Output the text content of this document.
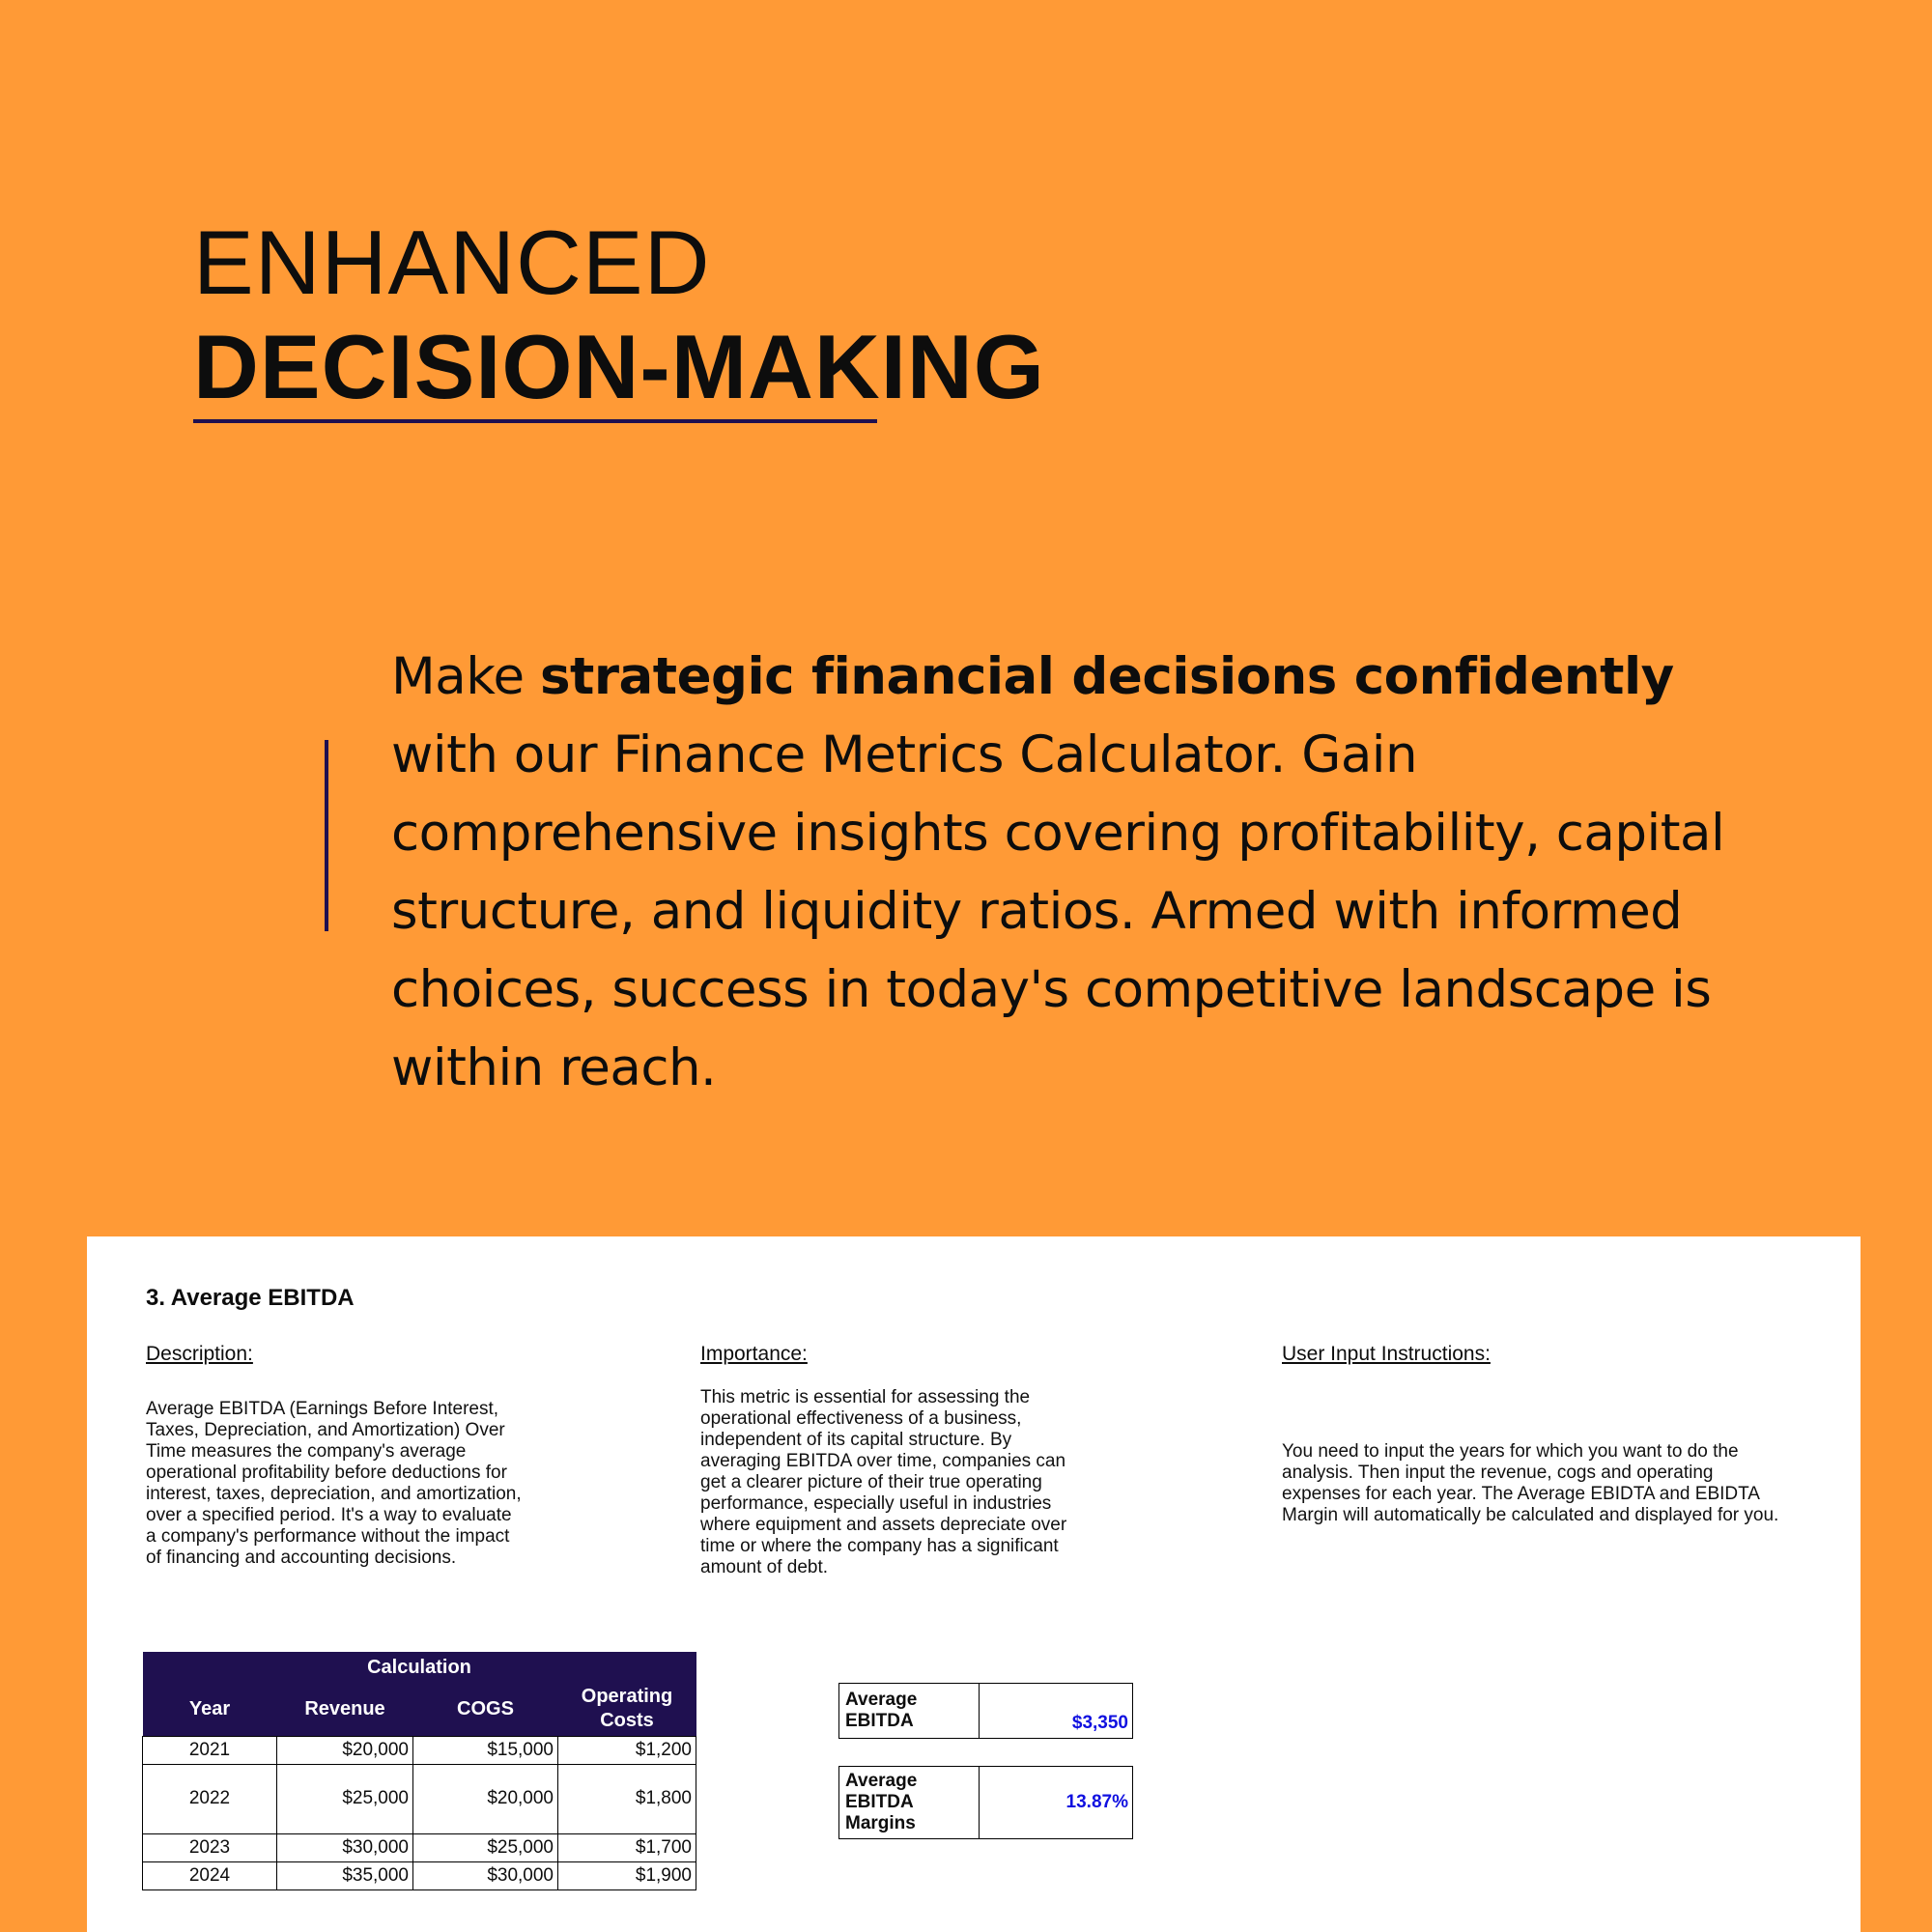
ENHANCED
DECISION-MAKING
Make strategic financial decisions confidently with our Finance Metrics Calculator. Gain comprehensive insights covering profitability, capital structure, and liquidity ratios. Armed with informed choices, success in today's competitive landscape is within reach.
3. Average EBITDA
Description:
Average EBITDA (Earnings Before Interest,
Taxes, Depreciation, and Amortization) Over
Time measures the company's average
operational profitability before deductions for
interest, taxes, depreciation, and amortization,
over a specified period. It's a way to evaluate
a company's performance without the impact
of financing and accounting decisions.
Importance:
This metric is essential for assessing the
operational effectiveness of a business,
independent of its capital structure. By
averaging EBITDA over time, companies can
get a clearer picture of their true operating
performance, especially useful in industries
where equipment and assets depreciate over
time or where the company has a significant
amount of debt.
User Input Instructions:
You need to input the years for which you want to do the
analysis. Then input the revenue, cogs and operating
expenses for each year. The Average EBIDTA and EBIDTA
Margin will automatically be calculated and displayed for you.
Calculation			
Year	Revenue	COGS	Operating Costs
2021	$20,000	$15,000	$1,200
2022	$25,000	$20,000	$1,800
2023	$30,000	$25,000	$1,700
2024	$35,000	$30,000	$1,900
Average EBITDA	$3,350
Average EBITDA Margins	13.87%
